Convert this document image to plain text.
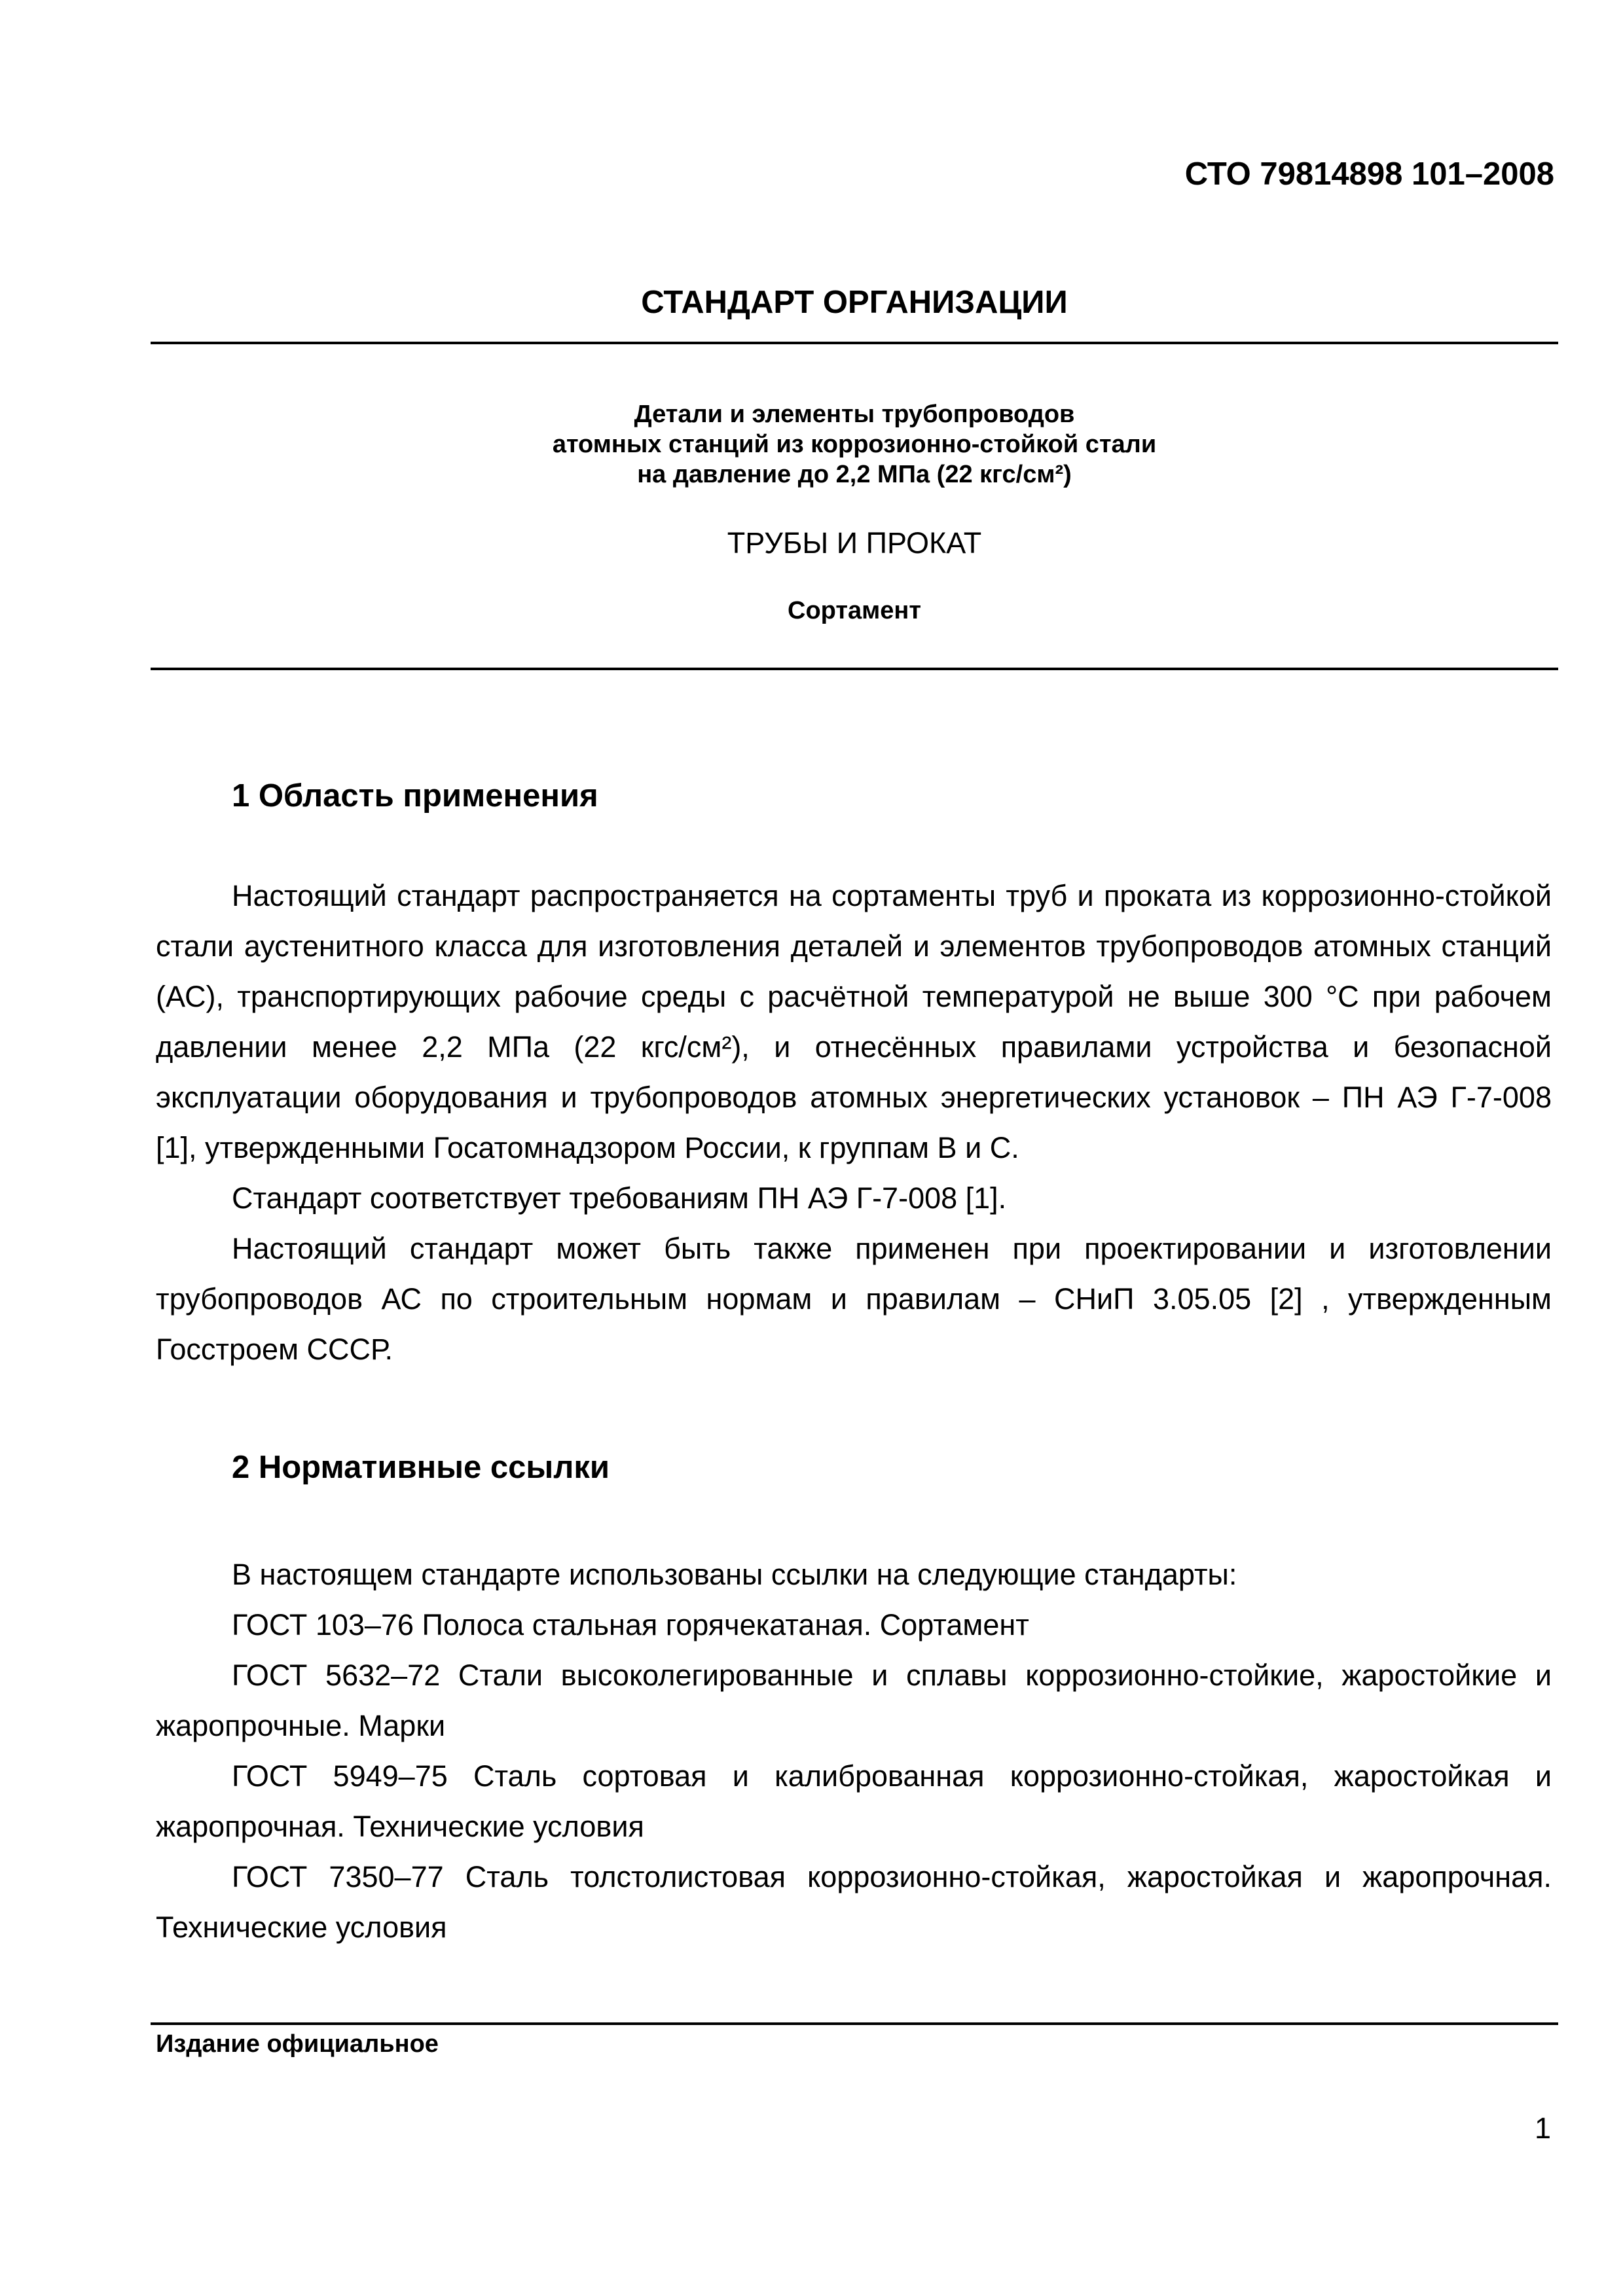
СТО 79814898 101–2008
СТАНДАРТ ОРГАНИЗАЦИИ
Детали и элементы трубопроводов
атомных станций из коррозионно-стойкой стали
на давление до 2,2 МПа (22 кгс/см²)
ТРУБЫ И ПРОКАТ
Сортамент
1 Область применения

Настоящий стандарт распространяется на сортаменты труб и проката из коррозионно-стойкой стали аустенитного класса для изготовления деталей и элементов трубопроводов атомных станций (АС), транспортирующих рабочие среды с расчётной температурой не выше 300 °С при рабочем давлении менее 2,2 МПа (22 кгс/см²), и отнесённых правилами устройства и безопасной эксплуатации оборудования и трубопроводов атомных энергетических установок – ПН АЭ Г-7-008 [1], утвержденными Госатомнадзором России, к группам В и С.

Стандарт соответствует требованиям ПН АЭ Г-7-008 [1].

Настоящий стандарт может быть также применен при проектировании и изготовлении трубопроводов АС по строительным нормам и правилам – СНиП 3.05.05 [2] , утвержденным Госстроем СССР.

2 Нормативные ссылки

В настоящем стандарте использованы ссылки на следующие стандарты:

ГОСТ 103–76 Полоса стальная горячекатаная. Сортамент

ГОСТ 5632–72 Стали высоколегированные и сплавы коррозионно-стойкие, жаростойкие и жаропрочные. Марки

ГОСТ 5949–75 Сталь сортовая и калиброванная коррозионно-стойкая, жаростойкая и жаропрочная. Технические условия

ГОСТ 7350–77 Сталь толстолистовая коррозионно-стойкая, жаростойкая и жаропрочная. Технические условия

Издание официальное
1
